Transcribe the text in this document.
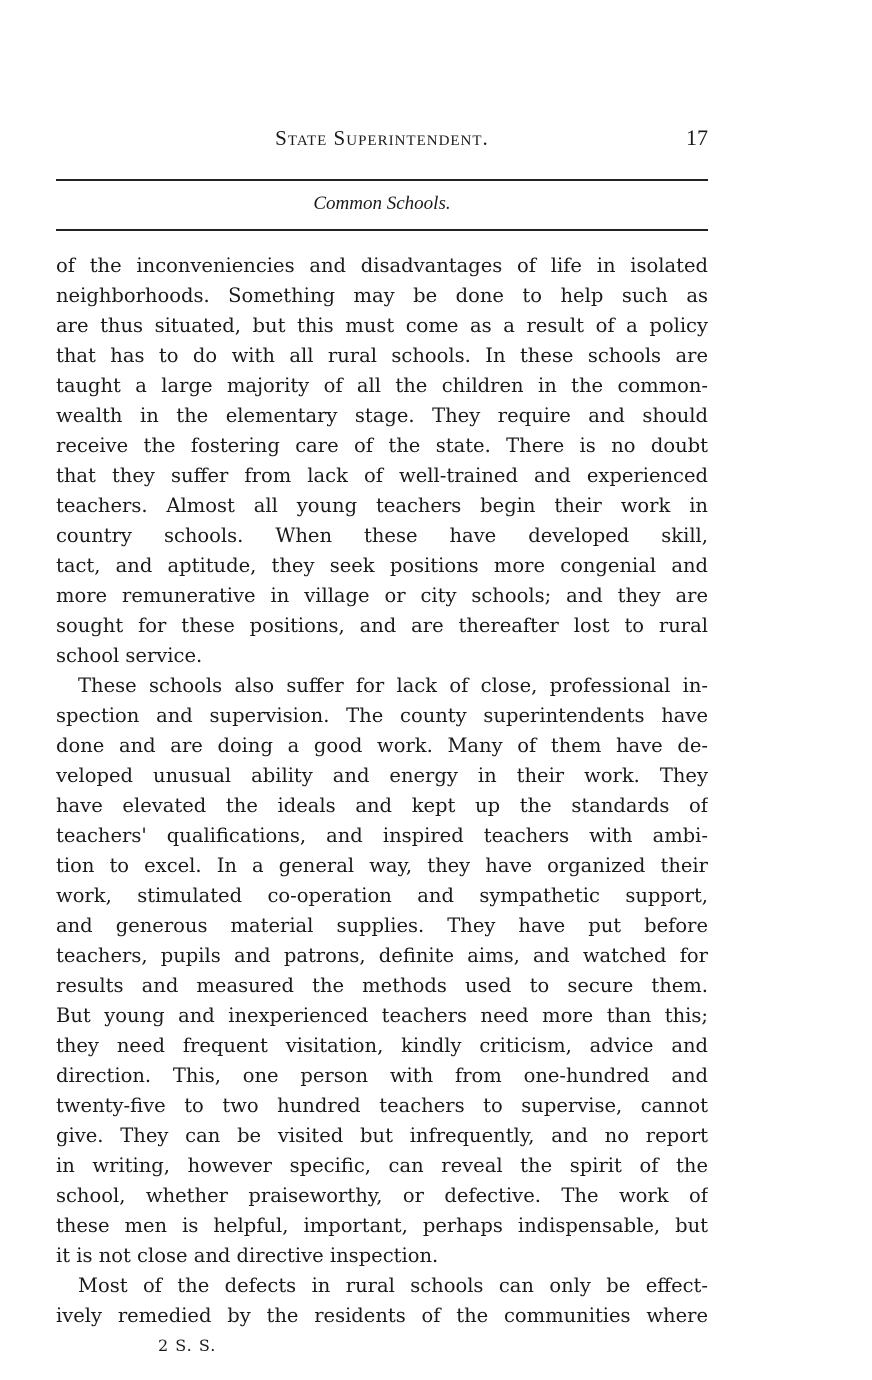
State Superintendent.	17
Common Schools.

of the inconveniencies and disadvantages of life in isolated
neighborhoods. Something may be done to help such as
are thus situated, but this must come as a result of a policy
that has to do with all rural schools. In these schools are
taught a large majority of all the children in the common-
wealth in the elementary stage. They require and should
receive the fostering care of the state. There is no doubt
that they suffer from lack of well-trained and experienced
teachers. Almost all young teachers begin their work in
country schools. When these have developed skill,
tact, and aptitude, they seek positions more congenial and
more remunerative in village or city schools; and they are
sought for these positions, and are thereafter lost to rural
school service.

These schools also suffer for lack of close, professional in-
spection and supervision. The county superintendents have
done and are doing a good work. Many of them have de-
veloped unusual ability and energy in their work. They
have elevated the ideals and kept up the standards of
teachers' qualifications, and inspired teachers with ambi-
tion to excel. In a general way, they have organized their
work, stimulated co-operation and sympathetic support,
and generous material supplies. They have put before
teachers, pupils and patrons, definite aims, and watched for
results and measured the methods used to secure them.
But young and inexperienced teachers need more than this;
they need frequent visitation, kindly criticism, advice and
direction. This, one person with from one-hundred and
twenty-five to two hundred teachers to supervise, cannot
give. They can be visited but infrequently, and no report
in writing, however specific, can reveal the spirit of the
school, whether praiseworthy, or defective. The work of
these men is helpful, important, perhaps indispensable, but
it is not close and directive inspection.

Most of the defects in rural schools can only be effect-
ively remedied by the residents of the communities where

2 S. S.
